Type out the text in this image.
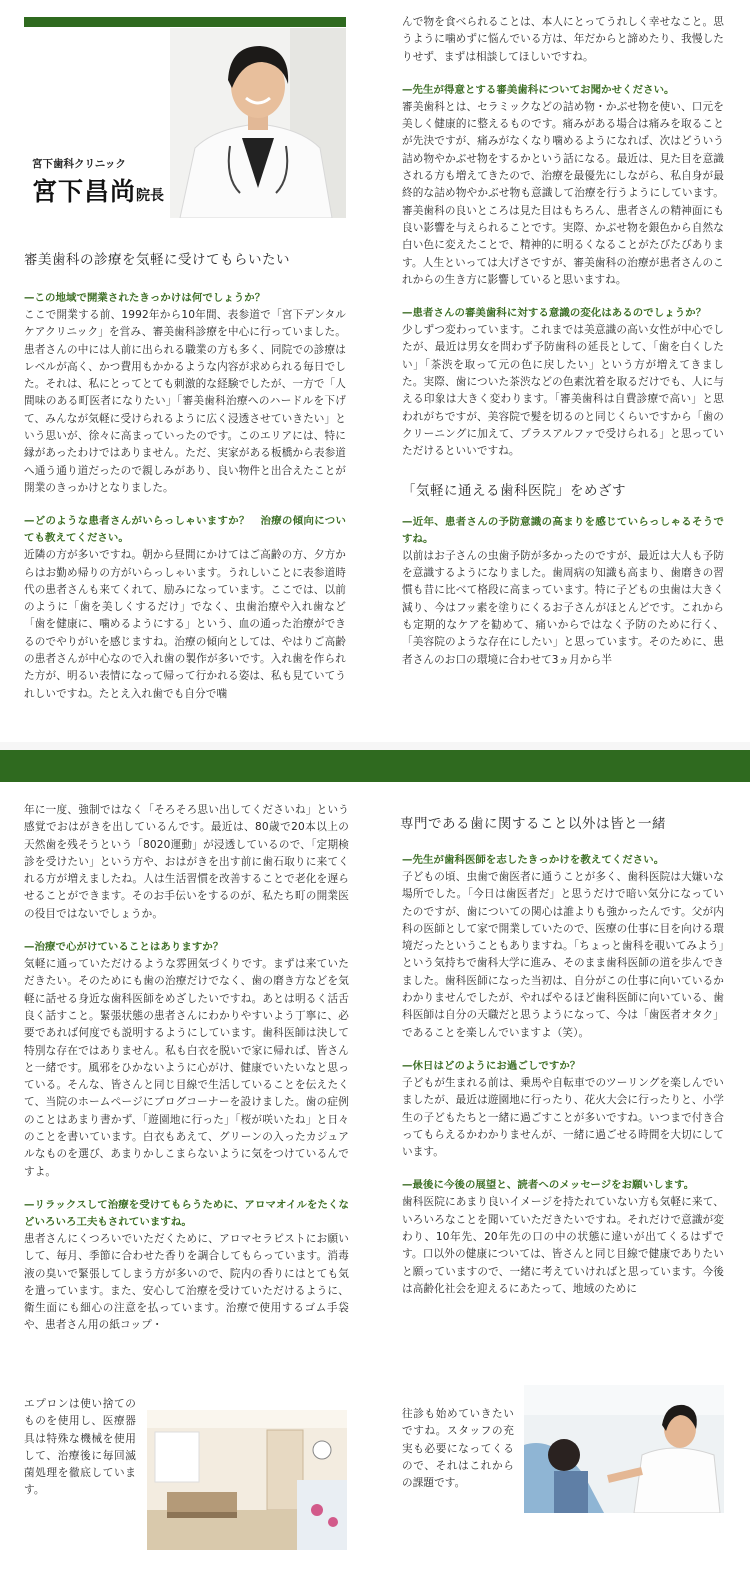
宮下歯科クリニック
宮下昌尚院長
審美歯科の診療を気軽に受けてもらいたい

—この地域で開業されたきっかけは何でしょうか？

ここで開業する前、1992年から10年間、表参道で「宮下デンタルケアクリニック」を営み、審美歯科診療を中心に行っていました。患者さんの中には人前に出られる職業の方も多く、同院での診療はレベルが高く、かつ費用もかかるような内容が求められる毎日でした。それは、私にとってとても刺激的な経験でしたが、一方で「人間味のある町医者になりたい」「審美歯科治療へのハードルを下げて、みんなが気軽に受けられるように広く浸透させていきたい」という思いが、徐々に高まっていったのです。このエリアには、特に縁があったわけではありません。ただ、実家がある板橋から表参道へ通う通り道だったので親しみがあり、良い物件と出合えたことが開業のきっかけとなりました。

—どのような患者さんがいらっしゃいますか？　治療の傾向についても教えてください。

近隣の方が多いですね。朝から昼間にかけてはご高齢の方、夕方からはお勤め帰りの方がいらっしゃいます。うれしいことに表参道時代の患者さんも来てくれて、励みになっています。ここでは、以前のように「歯を美しくするだけ」でなく、虫歯治療や入れ歯など「歯を健康に、噛めるようにする」という、血の通った治療ができるのでやりがいを感じますね。治療の傾向としては、やはりご高齢の患者さんが中心なので入れ歯の製作が多いです。入れ歯を作られた方が、明るい表情になって帰って行かれる姿は、私も見ていてうれしいですね。たとえ入れ歯でも自分で噛

んで物を食べられることは、本人にとってうれしく幸せなこと。思うように噛めずに悩んでいる方は、年だからと諦めたり、我慢したりせず、まずは相談してほしいですね。

—先生が得意とする審美歯科についてお聞かせください。

審美歯科とは、セラミックなどの詰め物・かぶせ物を使い、口元を美しく健康的に整えるものです。痛みがある場合は痛みを取ることが先決ですが、痛みがなくなり噛めるようになれば、次はどういう詰め物やかぶせ物をするかという話になる。最近は、見た目を意識される方も増えてきたので、治療を最優先にしながら、私自身が最終的な詰め物やかぶせ物も意識して治療を行うようにしています。審美歯科の良いところは見た目はもちろん、患者さんの精神面にも良い影響を与えられることです。実際、かぶせ物を銀色から自然な白い色に変えたことで、精神的に明るくなることがたびたびあります。人生といっては大げさですが、審美歯科の治療が患者さんのこれからの生き方に影響していると思いますね。

—患者さんの審美歯科に対する意識の変化はあるのでしょうか？

少しずつ変わっています。これまでは美意識の高い女性が中心でしたが、最近は男女を問わず予防歯科の延長として、「歯を白くしたい」「茶渋を取って元の色に戻したい」という方が増えてきました。実際、歯についた茶渋などの色素沈着を取るだけでも、人に与える印象は大きく変わります。「審美歯科は自費診療で高い」と思われがちですが、美容院で髪を切るのと同じくらいですから「歯のクリーニングに加えて、プラスアルファで受けられる」と思っていただけるといいですね。

「気軽に通える歯科医院」をめざす

—近年、患者さんの予防意識の高まりを感じていらっしゃるそうですね。

以前はお子さんの虫歯予防が多かったのですが、最近は大人も予防を意識するようになりました。歯周病の知識も高まり、歯磨きの習慣も昔に比べて格段に高まっています。特に子どもの虫歯は大きく減り、今はフッ素を塗りにくるお子さんがほとんどです。これからも定期的なケアを勧めて、痛いからではなく予防のために行く、「美容院のような存在にしたい」と思っています。そのために、患者さんのお口の環境に合わせて3ヵ月から半

年に一度、強制ではなく「そろそろ思い出してくださいね」という感覚でおはがきを出しているんです。最近は、80歳で20本以上の天然歯を残そうという「8020運動」が浸透しているので、「定期検診を受けたい」という方や、おはがきを出す前に歯石取りに来てくれる方が増えましたね。人は生活習慣を改善することで老化を遅らせることができます。そのお手伝いをするのが、私たち町の開業医の役目ではないでしょうか。

—治療で心がけていることはありますか？

気軽に通っていただけるような雰囲気づくりです。まずは来ていただきたい。そのためにも歯の治療だけでなく、歯の磨き方などを気軽に話せる身近な歯科医師をめざしたいですね。あとは明るく活舌良く話すこと。緊張状態の患者さんにわかりやすいよう丁寧に、必要であれば何度でも説明するようにしています。歯科医師は決して特別な存在ではありません。私も白衣を脱いで家に帰れば、皆さんと一緒です。風邪をひかないように心がけ、健康でいたいなと思っている。そんな、皆さんと同じ目線で生活していることを伝えたくて、当院のホームページにブログコーナーを設けました。歯の症例のことはあまり書かず、「遊園地に行った」「桜が咲いたね」と日々のことを書いています。白衣もあえて、グリーンの入ったカジュアルなものを選び、あまりかしこまらないように気をつけているんですよ。

—リラックスして治療を受けてもらうために、アロマオイルをたくなどいろいろ工夫もされていますね。

患者さんにくつろいでいただくために、アロマセラピストにお願いして、毎月、季節に合わせた香りを調合してもらっています。消毒液の臭いで緊張してしまう方が多いので、院内の香りにはとても気を遣っています。また、安心して治療を受けていただけるように、衛生面にも細心の注意を払っています。治療で使用するゴム手袋や、患者さん用の紙コップ・

エプロンは使い捨てのものを使用し、医療器具は特殊な機械を使用して、治療後に毎回滅菌処理を徹底しています。

専門である歯に関すること以外は皆と一緒

—先生が歯科医師を志したきっかけを教えてください。

子どもの頃、虫歯で歯医者に通うことが多く、歯科医院は大嫌いな場所でした。「今日は歯医者だ」と思うだけで暗い気分になっていたのですが、歯についての関心は誰よりも強かったんです。父が内科の医師として家で開業していたので、医療の仕事に目を向ける環境だったということもありますね。「ちょっと歯科を覗いてみよう」という気持ちで歯科大学に進み、そのまま歯科医師の道を歩んできました。歯科医師になった当初は、自分がこの仕事に向いているかわかりませんでしたが、やればやるほど歯科医師に向いている、歯科医師は自分の天職だと思うようになって、今は「歯医者オタク」であることを楽しんでいますよ（笑）。

—休日はどのようにお過ごしですか？

子どもが生まれる前は、乗馬や自転車でのツーリングを楽しんでいましたが、最近は遊園地に行ったり、花火大会に行ったりと、小学生の子どもたちと一緒に過ごすことが多いですね。いつまで付き合ってもらえるかわかりませんが、一緒に過ごせる時間を大切にしています。

—最後に今後の展望と、読者へのメッセージをお願いします。

歯科医院にあまり良いイメージを持たれていない方も気軽に来て、いろいろなことを聞いていただきたいですね。それだけで意識が変わり、10年先、20年先の口の中の状態に違いが出てくるはずです。口以外の健康については、皆さんと同じ目線で健康でありたいと願っていますので、一緒に考えていければと思っています。今後は高齢化社会を迎えるにあたって、地域のために

往診も始めていきたいですね。スタッフの充実も必要になってくるので、それはこれからの課題です。
